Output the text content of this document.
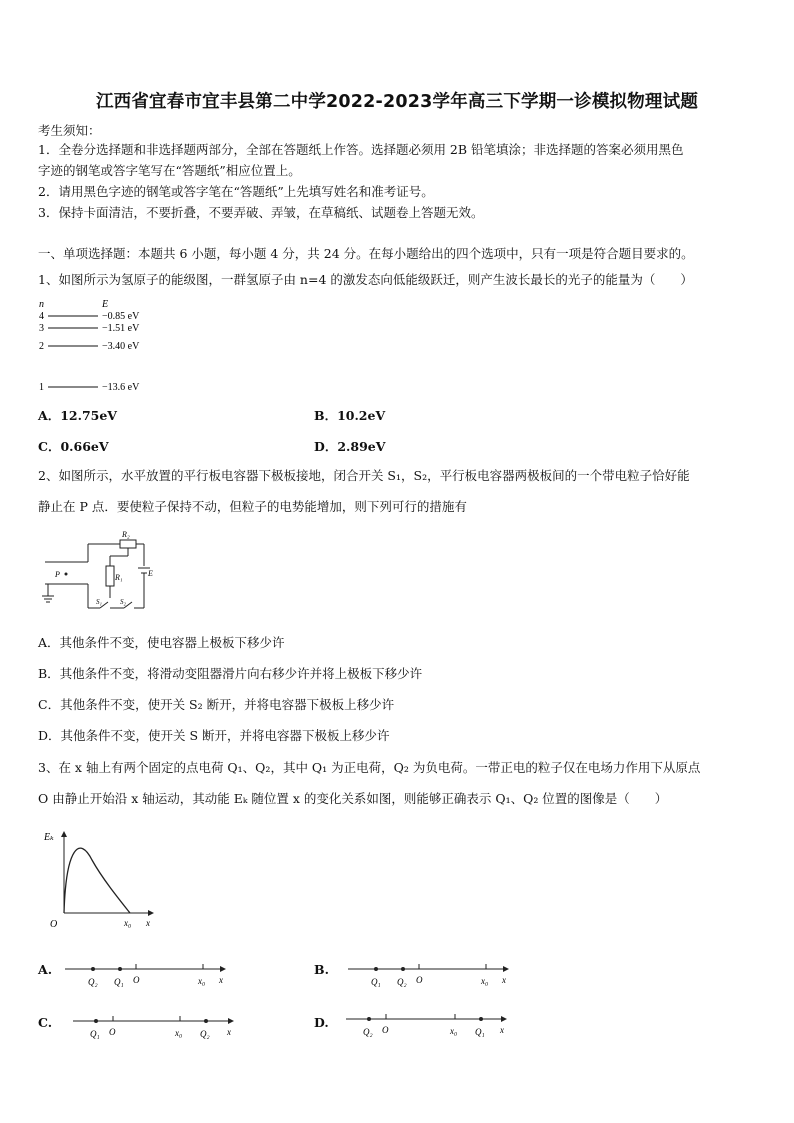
江西省宜春市宜丰县第二中学2022-2023学年高三下学期一诊模拟物理试题
考生须知：
1．全卷分选择题和非选择题两部分，全部在答题纸上作答。选择题必须用 2B 铅笔填涂；非选择题的答案必须用黑色
字迹的钢笔或答字笔写在“答题纸”相应位置上。
2．请用黑色字迹的钢笔或答字笔在“答题纸”上先填写姓名和准考证号。
3．保持卡面清洁，不要折叠，不要弄破、弄皱，在草稿纸、试题卷上答题无效。
一、单项选择题：本题共 6 小题，每小题 4 分，共 24 分。在每小题给出的四个选项中，只有一项是符合题目要求的。
1、如图所示为氢原子的能级图，一群氢原子由 n=4 的激发态向低能级跃迁，则产生波长最长的光子的能量为（　　）
n	E
4	−0.85 eV
3	−1.51 eV
2	−3.40 eV
1	−13.6 eV
A．12.75eV	B．10.2eV
C．0.66eV	D．2.89eV
2、如图所示，水平放置的平行板电容器下极板接地，闭合开关 S₁，S₂，平行板电容器两极板间的一个带电粒子恰好能
静止在 P 点．要使粒子保持不动，但粒子的电势能增加，则下列可行的措施有
P
R₂
R₁	E
S₁	S₂
A．其他条件不变，使电容器上极板下移少许
B．其他条件不变，将滑动变阻器滑片向右移少许并将上极板下移少许
C．其他条件不变，使开关 S₂ 断开，并将电容器下极板上移少许
D．其他条件不变，使开关 S 断开，并将电容器下极板上移少许
3、在 x 轴上有两个固定的点电荷 Q₁、Q₂，其中 Q₁ 为正电荷，Q₂ 为负电荷。一带正电的粒子仅在电场力作用下从原点
O 由静止开始沿 x 轴运动，其动能 Eₖ 随位置 x 的变化关系如图，则能够正确表示 Q₁、Q₂ 位置的图像是（　　）
Eₖ
O	x₀ x
A.
Q₂ Q₁ O	x₀ x
B.
Q₁ Q₂ O	x₀ x
C.
Q₁ O	x₀ Q₂ x
D.
Q₂ O	x₀ Q₁ x
